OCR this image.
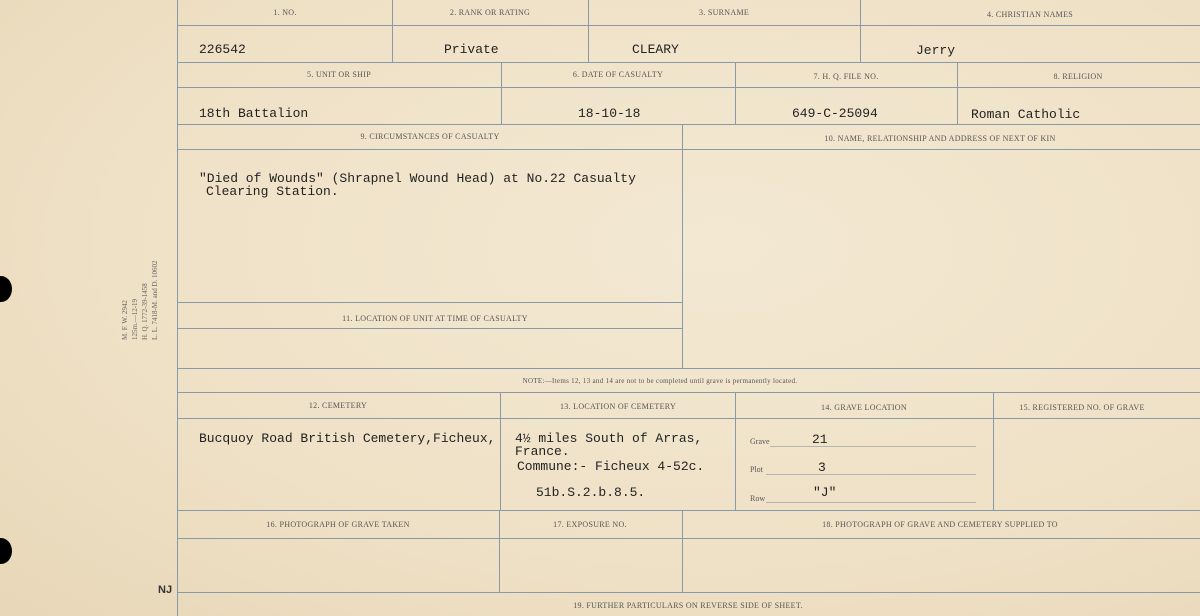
M. F. W. 2942 125m.—12-19 H. Q. 1772-39-1458 L. L. 7418-M. and D. 10602
1. NO.
226542
2. RANK OR RATING
Private
3. SURNAME
CLEARY
4. CHRISTIAN NAMES
Jerry
5. UNIT OR SHIP
18th Battalion
6. DATE OF CASUALTY
18-10-18
7. H. Q. FILE NO.
649-C-25094
8. RELIGION
Roman Catholic
9. CIRCUMSTANCES OF CASUALTY
"Died of Wounds" (Shrapnel Wound Head) at No.22 Casualty
Clearing Station.
10. NAME, RELATIONSHIP AND ADDRESS OF NEXT OF KIN
11. LOCATION OF UNIT AT TIME OF CASUALTY
NOTE:—Items 12, 13 and 14 are not to be completed until grave is permanently located.
12. CEMETERY
Bucquoy Road British Cemetery,Ficheux,
13. LOCATION OF CEMETERY
4½ miles South of Arras,
France.
Commune:- Ficheux 4-52c.
51b.S.2.b.8.5.
14. GRAVE LOCATION
Grave	21
Plot	3
Row	"J"
15. REGISTERED NO. OF GRAVE
16. PHOTOGRAPH OF GRAVE TAKEN	17. EXPOSURE NO.	18. PHOTOGRAPH OF GRAVE AND CEMETERY SUPPLIED TO
19. FURTHER PARTICULARS ON REVERSE SIDE OF SHEET.
NJ
